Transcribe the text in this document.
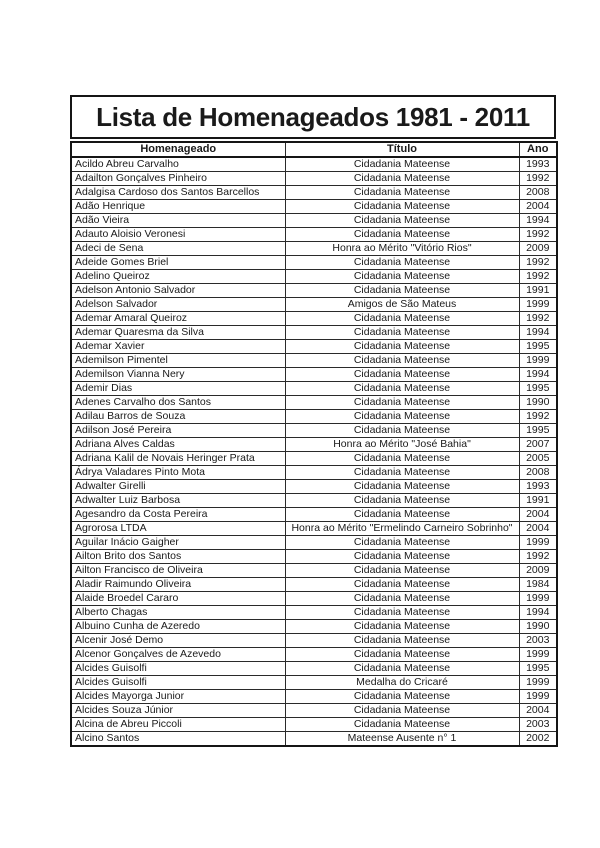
Lista de Homenageados 1981 - 2011
Homenageado	Título	Ano
Acildo Abreu Carvalho	Cidadania Mateense	1993
Adailton Gonçalves Pinheiro	Cidadania Mateense	1992
Adalgisa Cardoso dos Santos Barcellos	Cidadania Mateense	2008
Adão Henrique	Cidadania Mateense	2004
Adão Vieira	Cidadania Mateense	1994
Adauto Aloisio Veronesi	Cidadania Mateense	1992
Adeci de Sena	Honra ao Mérito "Vitório Rios"	2009
Adeide Gomes Briel	Cidadania Mateense	1992
Adelino Queiroz	Cidadania Mateense	1992
Adelson Antonio Salvador	Cidadania Mateense	1991
Adelson Salvador	Amigos de São Mateus	1999
Ademar Amaral Queiroz	Cidadania Mateense	1992
Ademar Quaresma da Silva	Cidadania Mateense	1994
Ademar Xavier	Cidadania Mateense	1995
Ademilson Pimentel	Cidadania Mateense	1999
Ademilson Vianna Nery	Cidadania Mateense	1994
Ademir Dias	Cidadania Mateense	1995
Adenes Carvalho dos Santos	Cidadania Mateense	1990
Adilau Barros de Souza	Cidadania Mateense	1992
Adilson José Pereira	Cidadania Mateense	1995
Adriana Alves Caldas	Honra ao Mérito "José Bahia"	2007
Adriana Kalil de Novais Heringer Prata	Cidadania Mateense	2005
Ádrya Valadares Pinto Mota	Cidadania Mateense	2008
Adwalter Girelli	Cidadania Mateense	1993
Adwalter Luiz Barbosa	Cidadania Mateense	1991
Agesandro da Costa Pereira	Cidadania Mateense	2004
Agrorosa LTDA	Honra ao Mérito "Ermelindo Carneiro Sobrinho"	2004
Aguilar Inácio Gaigher	Cidadania Mateense	1999
Ailton Brito dos Santos	Cidadania Mateense	1992
Ailton Francisco de Oliveira	Cidadania Mateense	2009
Aladir Raimundo Oliveira	Cidadania Mateense	1984
Alaide Broedel Cararo	Cidadania Mateense	1999
Alberto Chagas	Cidadania Mateense	1994
Albuino Cunha de Azeredo	Cidadania Mateense	1990
Alcenir José Demo	Cidadania Mateense	2003
Alcenor Gonçalves de Azevedo	Cidadania Mateense	1999
Alcides Guisolfi	Cidadania Mateense	1995
Alcides Guisolfi	Medalha do Cricaré	1999
Alcides Mayorga Junior	Cidadania Mateense	1999
Alcides Souza Júnior	Cidadania Mateense	2004
Alcina de Abreu Piccoli	Cidadania Mateense	2003
Alcino Santos	Mateense Ausente n° 1	2002
